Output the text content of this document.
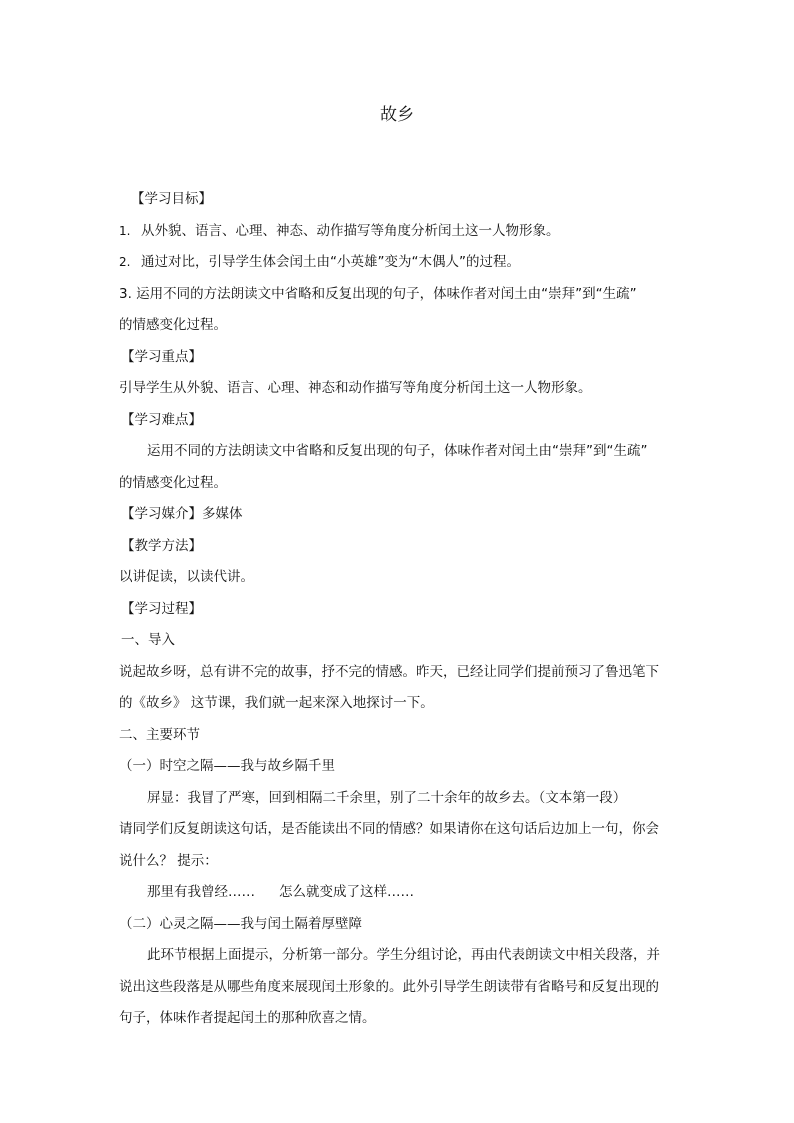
故乡

【学习目标】

1. 从外貌、语言、心理、神态、动作描写等角度分析闰土这一人物形象。

2. 通过对比，引导学生体会闰土由“小英雄”变为“木偶人”的过程。

3. 运用不同的方法朗读文中省略和反复出现的句子，体味作者对闰土由“崇拜”到“生疏”

的情感变化过程。

【学习重点】

引导学生从外貌、语言、心理、神态和动作描写等角度分析闰土这一人物形象。

【学习难点】

运用不同的方法朗读文中省略和反复出现的句子，体味作者对闰土由“崇拜”到“生疏”

的情感变化过程。

【学习媒介】多媒体

【教学方法】

以讲促读，以读代讲。

【学习过程】

一、导入

说起故乡呀，总有讲不完的故事，抒不完的情感。昨天，已经让同学们提前预习了鲁迅笔下

的《故乡》 这节课，我们就一起来深入地探讨一下。

二、主要环节

（一）时空之隔——我与故乡隔千里

屏显：我冒了严寒，回到相隔二千余里，别了二十余年的故乡去。（文本第一段）

请同学们反复朗读这句话，是否能读出不同的情感？如果请你在这句话后边加上一句，你会

说什么？ 提示：

那里有我曾经…… 怎么就变成了这样……

（二）心灵之隔——我与闰土隔着厚壁障

此环节根据上面提示，分析第一部分。学生分组讨论，再由代表朗读文中相关段落，并

说出这些段落是从哪些角度来展现闰土形象的。此外引导学生朗读带有省略号和反复出现的

句子，体味作者提起闰土的那种欣喜之情。
